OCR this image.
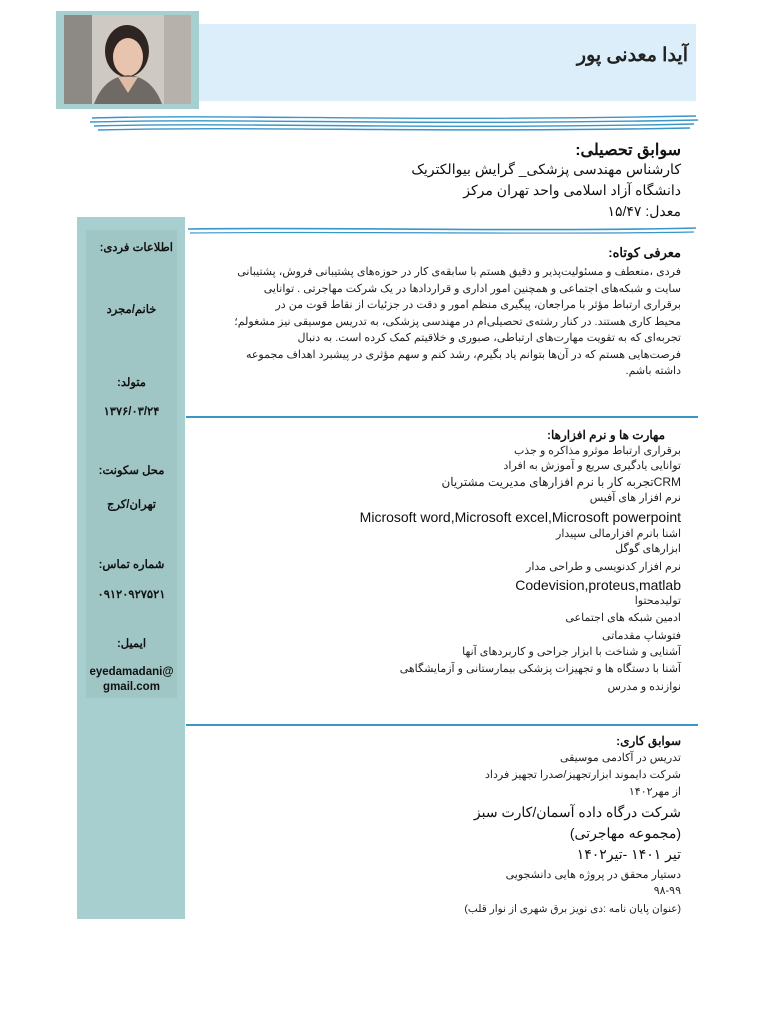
آیدا معدنی پور
سوابق تحصیلی:
کارشناس مهندسی پزشکی_ گرایش بیوالکتریک
دانشگاه آزاد اسلامی واحد تهران مرکز
معدل: ۱۵/۴۷
اطلاعات فردی:
خانم/مجرد
متولد:
۱۳۷۶/۰۳/۲۴
محل سکونت:
تهران/کرج
شماره تماس:
۰۹۱۲۰۹۲۷۵۲۱
ایمیل:
eyedamadani@
gmail.com
معرفی کوتاه:
فردی ،منعطف و مسئولیت‌پذیر و دقیق هستم با سابقه‌ی کار در حوزه‌های پشتیبانی فروش، پشتیبانی
سایت و شبکه‌های اجتماعی و همچنین امور اداری و قراردادها در یک شرکت مهاجرتی . توانایی
برقراری ارتباط مؤثر با مراجعان، پیگیری منظم امور و دقت در جزئیات از نقاط قوت من در
محیط کاری هستند. در کنار رشته‌ی تحصیلی‌ام در مهندسی پزشکی، به تدریس موسیقی نیز مشغولم؛
تجربه‌ای که به تقویت مهارت‌های ارتباطی، صبوری و خلاقیتم کمک کرده است. به دنبال
فرصت‌هایی هستم که در آن‌ها بتوانم یاد بگیرم، رشد کنم و سهم مؤثری در پیشبرد اهداف مجموعه
داشته باشم.
مهارت ها و نرم افزارها:
برقراری ارتباط موثرو مذاکره و جذب
توانایی یادگیری سریع و آموزش به افراد
CRMتجربه کار با نرم افزارهای مدیریت مشتریان
نرم افزار های آفیس
Microsoft word,Microsoft excel,Microsoft powerpoint
اشنا بانرم افزارمالی سپیدار
ابزارهای گوگل
نرم افزار کدنویسی و طراحی مدار
Codevision,proteus,matlab
تولیدمحتوا
ادمین شبکه های اجتماعی
فتوشاپ مقدماتی
آشنایی و شناخت با ابزار جراحی و کاربردهای آنها
آشنا با دستگاه ها و تجهیزات پزشکی بیمارستانی و آزمایشگاهی
نوازنده و مدرس
سوابق کاری:
تدریس در آکادمی موسیقی
شرکت دایموند ابزارتجهیز/صدرا تجهیز فرداد
از مهر۱۴۰۲
شرکت درگاه داده آسمان/کارت سبز
(مجموعه مهاجرتی)
تیر ۱۴۰۱ -تیر۱۴۰۲
دستیار محقق در پروژه هایی دانشجویی
۹۸-۹۹
(عنوان پایان نامه :دی نویز برق شهری از نوار قلب)
